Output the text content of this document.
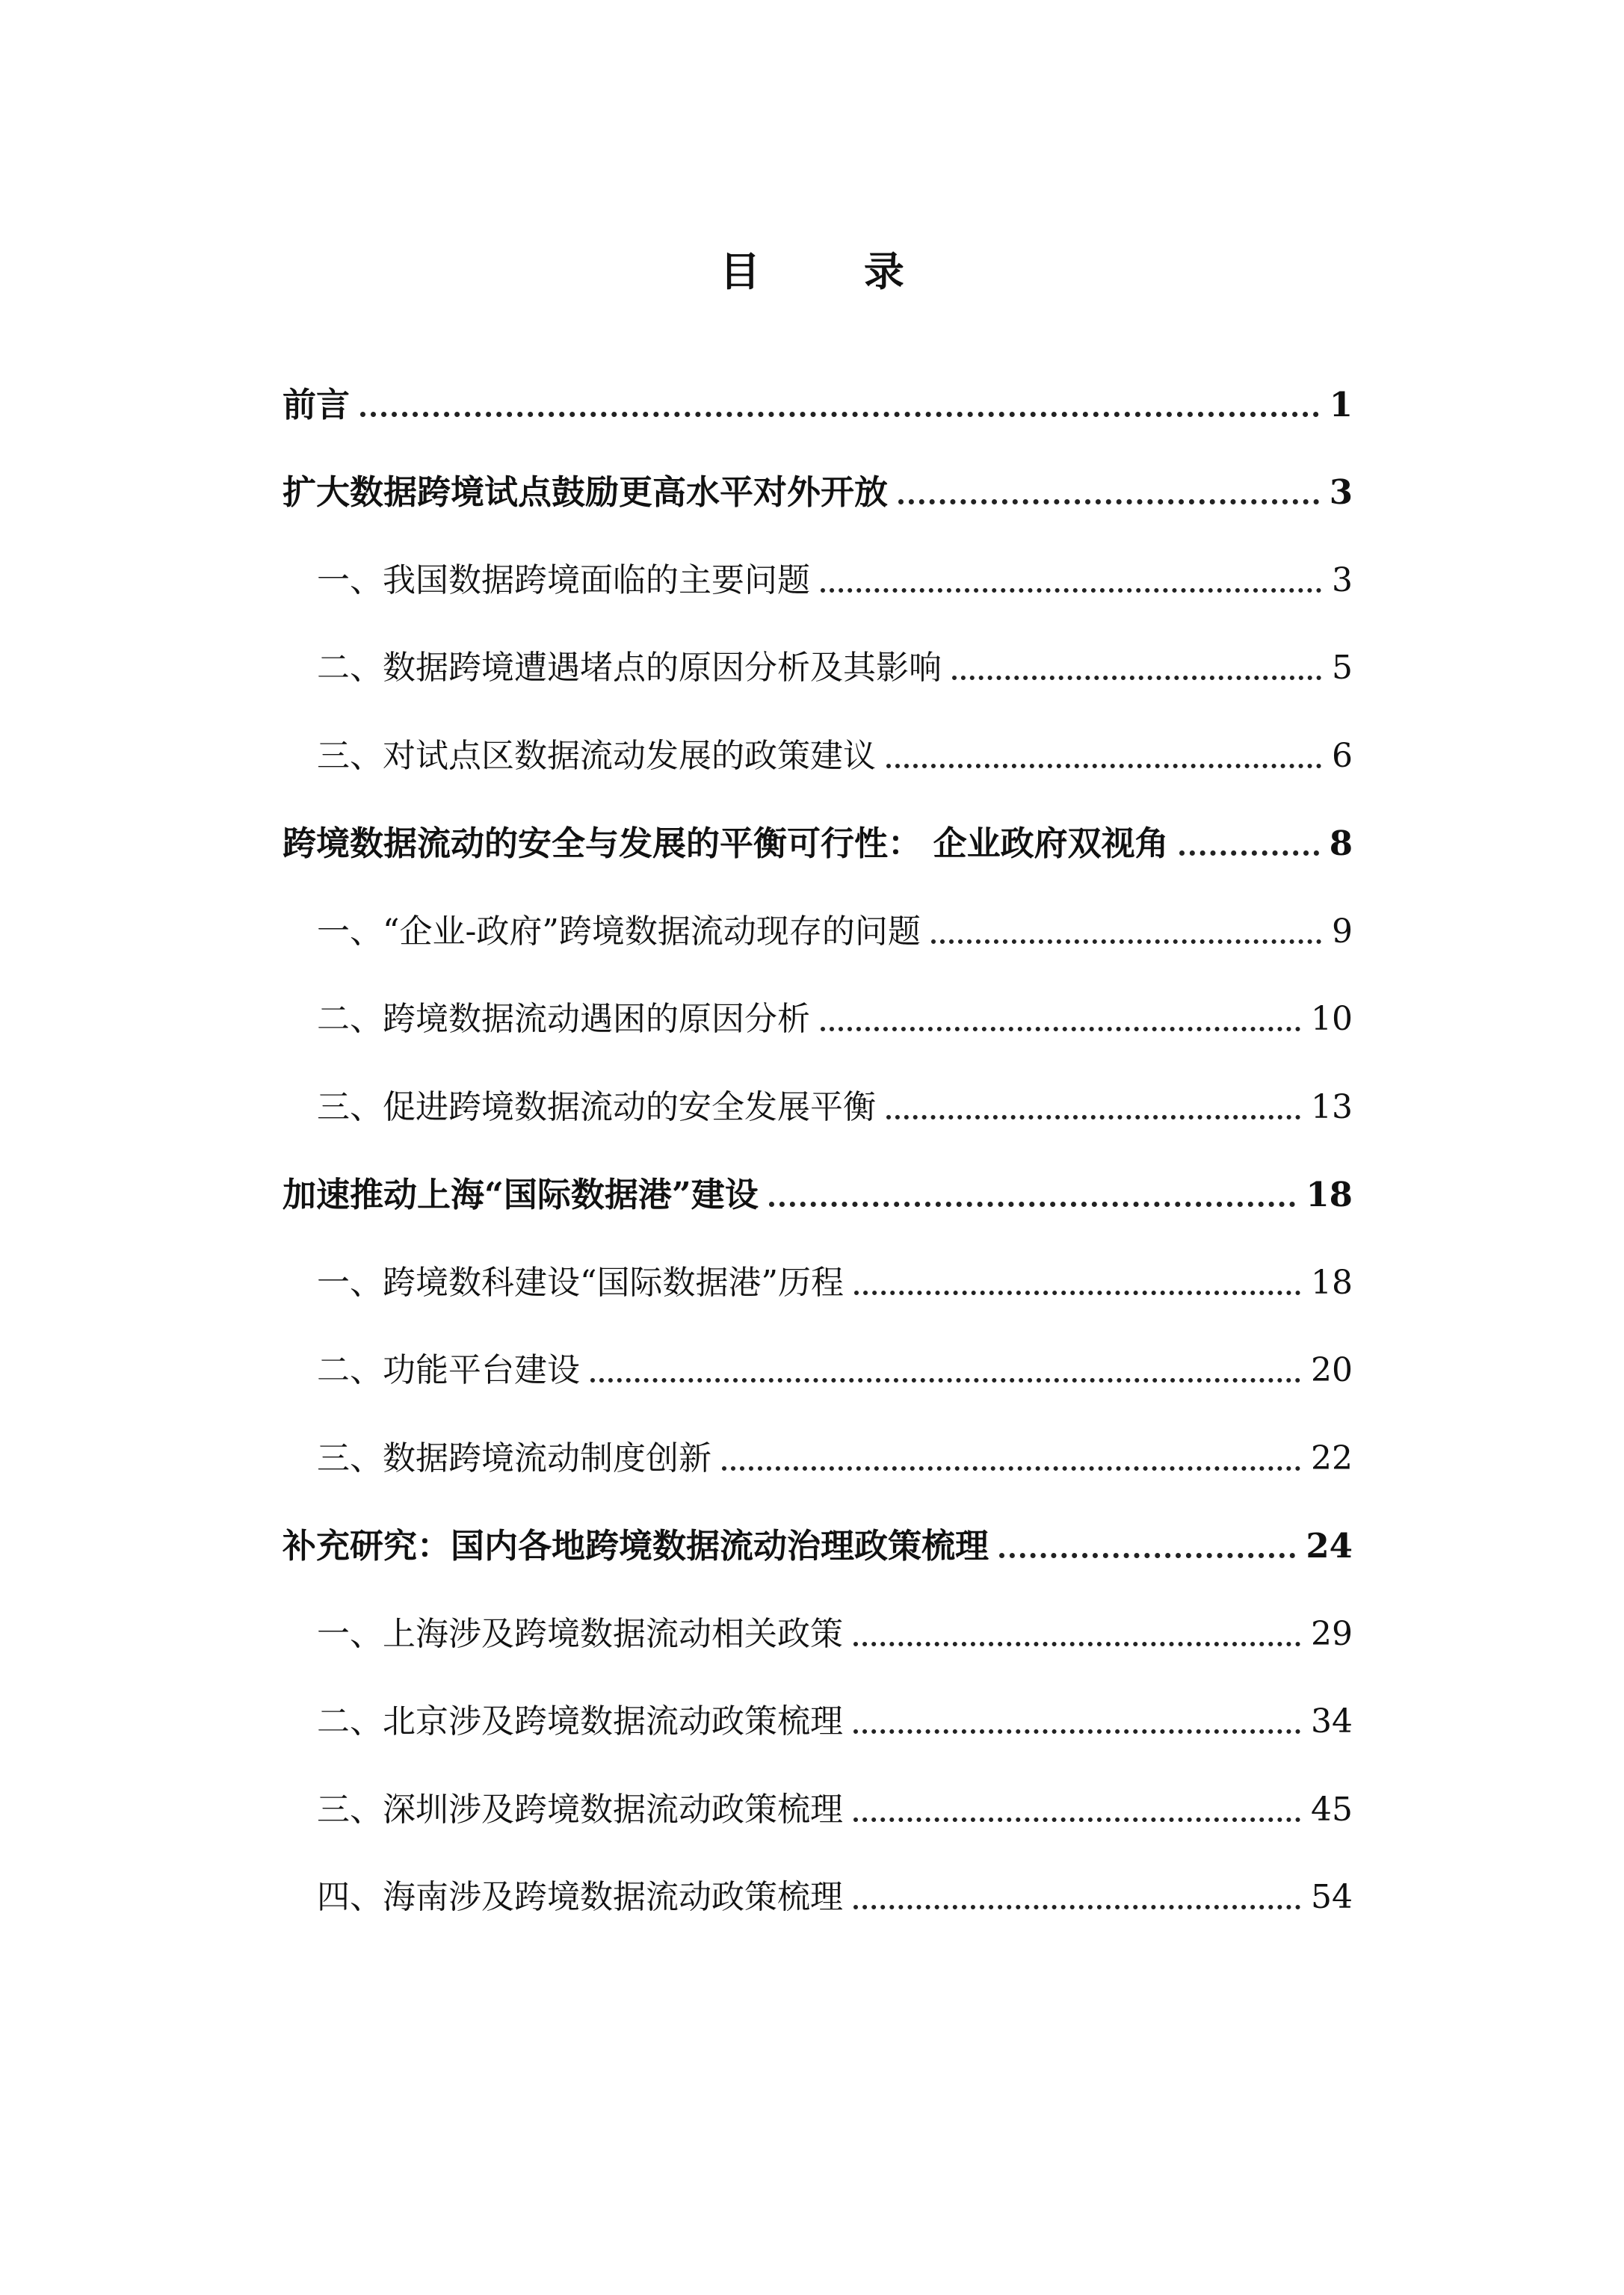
目 录
前言	1
扩大数据跨境试点鼓励更高水平对外开放	3
一、我国数据跨境面临的主要问题	3
二、数据跨境遭遇堵点的原因分析及其影响	5
三、对试点区数据流动发展的政策建议	6
跨境数据流动的安全与发展的平衡可行性： 企业政府双视角	8
一、“企业-政府”跨境数据流动现存的问题	9
二、跨境数据流动遇困的原因分析	10
三、促进跨境数据流动的安全发展平衡	13
加速推动上海“国际数据港”建设	18
一、跨境数科建设“国际数据港”历程	18
二、功能平台建设	20
三、数据跨境流动制度创新	22
补充研究：国内各地跨境数据流动治理政策梳理	24
一、上海涉及跨境数据流动相关政策	29
二、北京涉及跨境数据流动政策梳理	34
三、深圳涉及跨境数据流动政策梳理	45
四、海南涉及跨境数据流动政策梳理	54
